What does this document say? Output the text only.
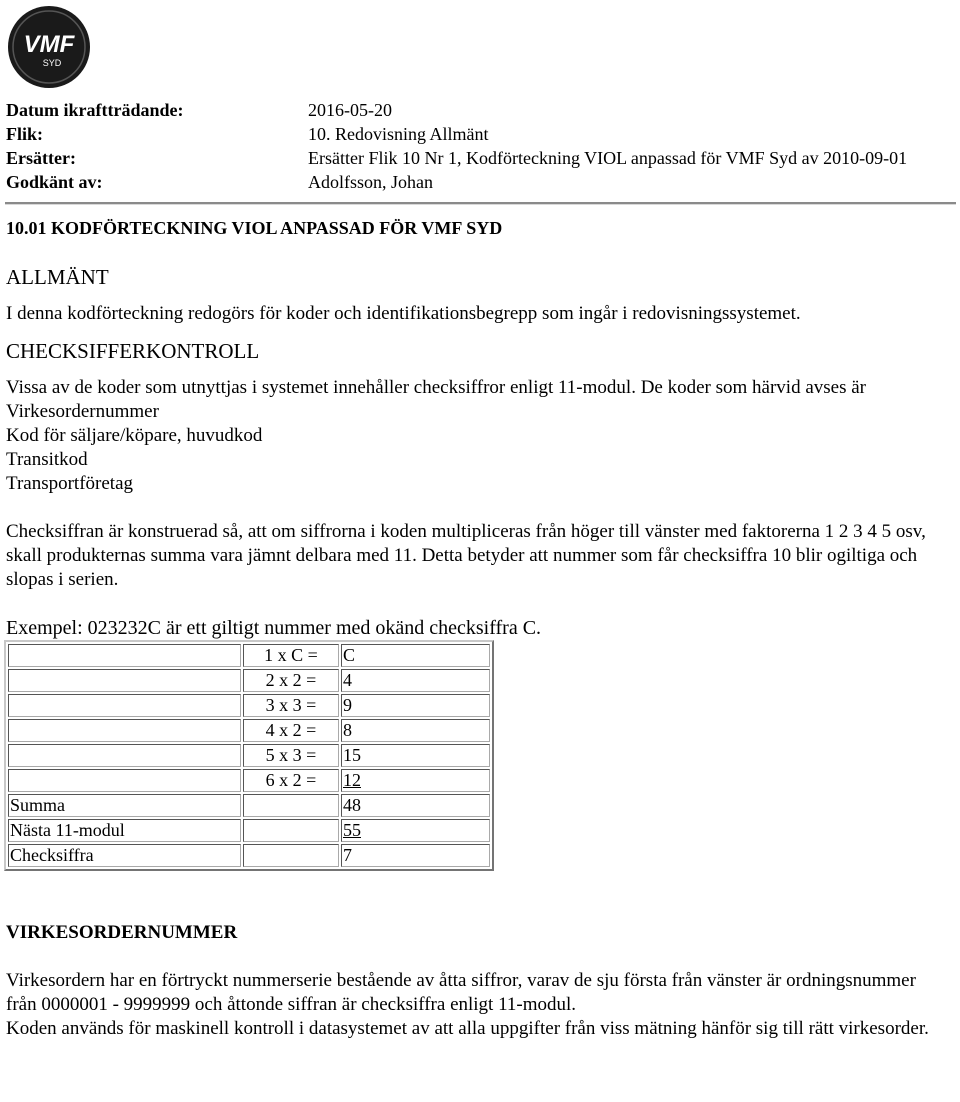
VMF
SYD
Datum ikraftträdande:	2016-05-20
Flik:	10. Redovisning Allmänt
Ersätter:	Ersätter Flik 10 Nr 1, Kodförteckning VIOL anpassad för VMF Syd av 2010-09-01
Godkänt av:	Adolfsson, Johan
10.01 KODFÖRTECKNING VIOL ANPASSAD FÖR VMF SYD

ALLMÄNT

I denna kodförteckning redogörs för koder och identifikationsbegrepp som ingår i redovisningssystemet.

CHECKSIFFERKONTROLL

Vissa av de koder som utnyttjas i systemet innehåller checksiffror enligt 11-modul. De koder som härvid avses är

Virkesordernummer

Kod för säljare/köpare, huvudkod

Transitkod

Transportföretag

Checksiffran är konstruerad så, att om siffrorna i koden multipliceras från höger till vänster med faktorerna 1 2 3 4 5 osv, skall produkternas summa vara jämnt delbara med 11. Detta betyder att nummer som får checksiffra 10 blir ogiltiga och slopas i serien.

Exempel: 023232C är ett giltigt nummer med okänd checksiffra C.

	1 x C =	C
	2 x 2 =	4
	3 x 3 =	9
	4 x 2 =	8
	5 x 3 =	15
	6 x 2 =	12
Summa		48
Nästa 11-modul		55
Checksiffra		7

VIRKESORDERNUMMER

Virkesordern har en förtryckt nummerserie bestående av åtta siffror, varav de sju första från vänster är ordningsnummer från 0000001 - 9999999 och åttonde siffran är checksiffra enligt 11-modul.

Koden används för maskinell kontroll i datasystemet av att alla uppgifter från viss mätning hänför sig till rätt virkesorder.
